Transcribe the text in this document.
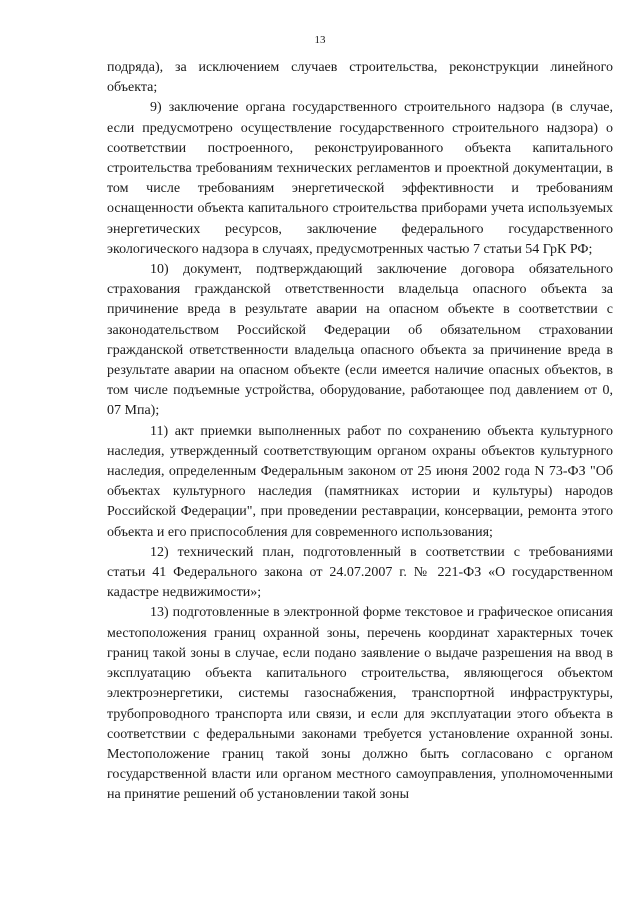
13

подряда), за исключением случаев строительства, реконструкции линейного объекта;

9) заключение органа государственного строительного надзора (в случае, если предусмотрено осуществление государственного строительного надзора) о соответствии построенного, реконструированного объекта капитального строительства требованиям технических регламентов и проектной документации, в том числе требованиям энергетической эффективности и требованиям оснащенности объекта капитального строительства приборами учета используемых энергетических ресурсов, заключение федерального государственного экологического надзора в случаях, предусмотренных частью 7 статьи 54 ГрК РФ;

10) документ, подтверждающий заключение договора обязательного страхования гражданской ответственности владельца опасного объекта за причинение вреда в результате аварии на опасном объекте в соответствии с законодательством Российской Федерации об обязательном страховании гражданской ответственности владельца опасного объекта за причинение вреда в результате аварии на опасном объекте (если имеется наличие опасных объектов, в том числе подъемные устройства, оборудование, работающее под давлением от 0, 07 Мпа);

11) акт приемки выполненных работ по сохранению объекта культурного наследия, утвержденный соответствующим органом охраны объектов культурного наследия, определенным Федеральным законом от 25 июня 2002 года N 73-ФЗ "Об объектах культурного наследия (памятниках истории и культуры) народов Российской Федерации", при проведении реставрации, консервации, ремонта этого объекта и его приспособления для современного использования;

12) технический план, подготовленный в соответствии с требованиями статьи 41 Федерального закона от 24.07.2007 г. № 221-ФЗ «О государственном кадастре недвижимости»;

13) подготовленные в электронной форме текстовое и графическое описания местоположения границ охранной зоны, перечень координат характерных точек границ такой зоны в случае, если подано заявление о выдаче разрешения на ввод в эксплуатацию объекта капитального строительства, являющегося объектом электроэнергетики, системы газоснабжения, транспортной инфраструктуры, трубопроводного транспорта или связи, и если для эксплуатации этого объекта в соответствии с федеральными законами требуется установление охранной зоны. Местоположение границ такой зоны должно быть согласовано с органом государственной власти или органом местного самоуправления, уполномоченными на принятие решений об установлении такой зоны
